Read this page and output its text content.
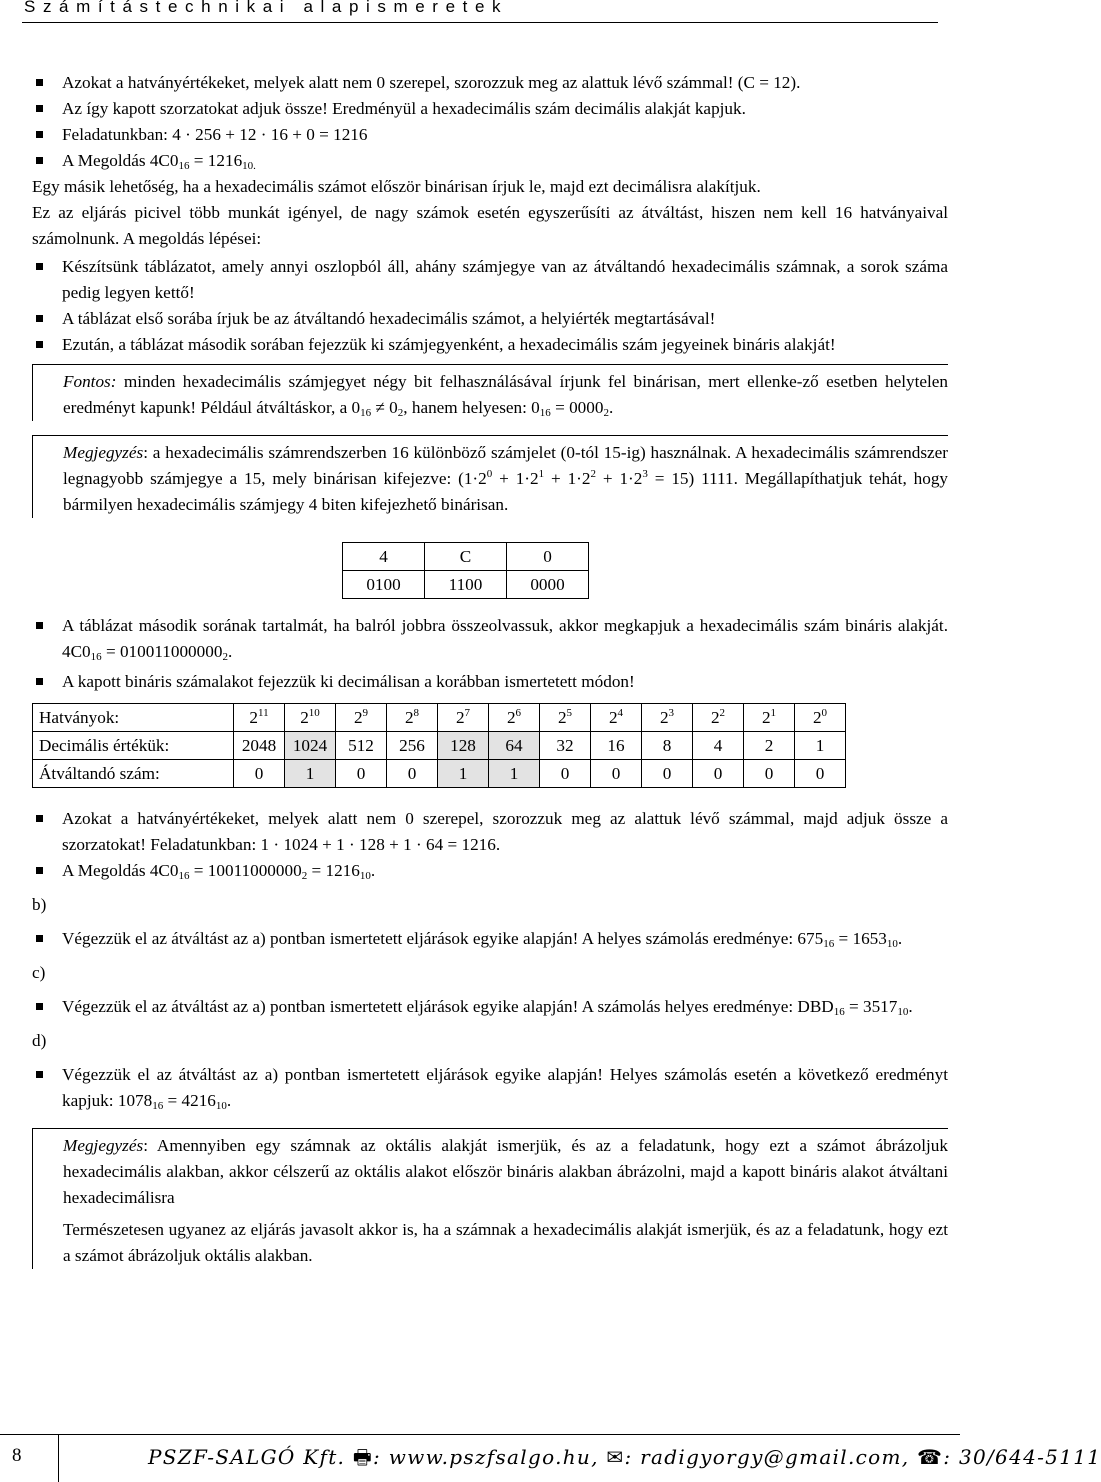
Számítástechnikai alapismeretek

Azokat a hatványértékeket, melyek alatt nem 0 szerepel, szorozzuk meg az alattuk lévő számmal! (C = 12).

Az így kapott szorzatokat adjuk össze! Eredményül a hexadecimális szám decimális alakját kapjuk.

Feladatunkban: 4 · 256 + 12 · 16 + 0 = 1216

A Megoldás $4C0_{16} = 1216_{10.}$

Egy másik lehetőség, ha a hexadecimális számot először binárisan írjuk le, majd ezt decimálisra alakítjuk.

Ez az eljárás picivel több munkát igényel, de nagy számok esetén egyszerűsíti az átváltást, hiszen nem kell 16 hatványaival számolnunk. A megoldás lépései:

Készítsünk táblázatot, amely annyi oszlopból áll, ahány számjegye van az átváltandó hexadecimális számnak, a sorok száma pedig legyen kettő!

A táblázat első sorába írjuk be az átváltandó hexadecimális számot, a helyiérték megtartásával!

Ezután, a táblázat második sorában fejezzük ki számjegyenként, a hexadecimális szám jegyeinek bináris alakját!

Fontos: minden hexadecimális számjegyet négy bit felhasználásával írjunk fel binárisan, mert ellenke-ző esetben helytelen eredményt kapunk! Például átváltáskor, a $0_{16} \ne 0_2$, hanem helyesen: $0_{16} = 0000_2$.
Megjegyzés: a hexadecimális számrendszerben 16 különböző számjelet (0-tól 15-ig) használnak. A hexadecimális számrendszer legnagyobb számjegye a 15, mely binárisan kifejezve: $(1\cdot 2^0 + 1\cdot 2^1 + 1\cdot 2^2 + 1\cdot 2^3 = 15)$ 1111. Megállapíthatjuk tehát, hogy bármilyen hexadecimális számjegy 4 biten kifejezhető binárisan.
4	C	0
0100	1100	0000

A táblázat második sorának tartalmát, ha balról jobbra összeolvassuk, akkor megkapjuk a hexadecimális szám bináris alakját. $4C0_{16} = 010011000000_2$.

A kapott bináris számalakot fejezzük ki decimálisan a korábban ismertetett módon!

Hatványok:	$2^{11}$	$2^{10}$	$2^9$	$2^8$	$2^7$	$2^6$	$2^5$	$2^4$	$2^3$	$2^2$	$2^1$	$2^0$
Decimális értékük:	2048	1024	512	256	128	64	32	16	8	4	2	1
Átváltandó szám:	0	1	0	0	1	1	0	0	0	0	0	0

Azokat a hatványértékeket, melyek alatt nem 0 szerepel, szorozzuk meg az alattuk lévő számmal, majd adjuk össze a szorzatokat! Feladatunkban: 1 · 1024 + 1 · 128 + 1 · 64 = 1216.

A Megoldás $4C0_{16} = 10011000000_2 = 1216_{10}$.

b)

Végezzük el az átváltást az a) pontban ismertetett eljárások egyike alapján! A helyes számolás eredménye: $675_{16} = 1653_{10}$.

c)

Végezzük el az átváltást az a) pontban ismertetett eljárások egyike alapján! A számolás helyes eredménye: $DBD_{16} = 3517_{10}$.

d)

Végezzük el az átváltást az a) pontban ismertetett eljárások egyike alapján! Helyes számolás esetén a következő eredményt kapjuk: $1078_{16} = 4216_{10}$.

Megjegyzés: Amennyiben egy számnak az oktális alakját ismerjük, és az a feladatunk, hogy ezt a számot ábrázoljuk hexadecimális alakban, akkor célszerű az oktális alakot először bináris alakban ábrázolni, majd a kapott bináris alakot átváltani hexadecimálisra

Természetesen ugyanez az eljárás javasolt akkor is, ha a számnak a hexadecimális alakját ismerjük, és az a feladatunk, hogy ezt a számot ábrázoljuk oktális alakban.

8	PSZF-SALGÓ Kft. 🖶: www.pszfsalgo.hu, ✉: radigyorgy@gmail.com, ☎: 30/644-5111
